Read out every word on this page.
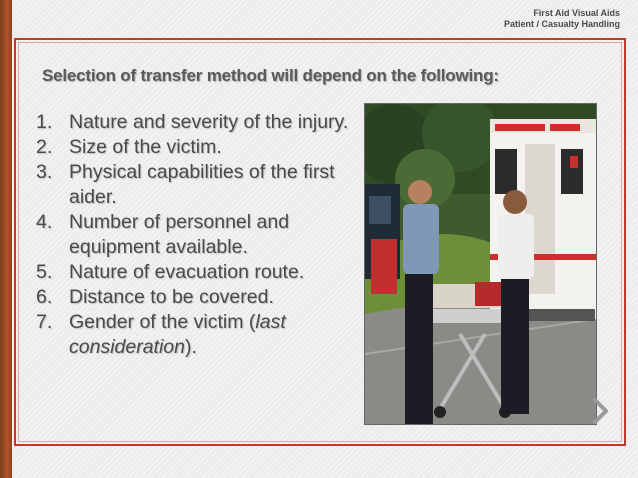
First Aid Visual Aids
Patient / Casualty Handling
Selection of transfer method will depend on the following:
1. Nature and severity of the injury.
2. Size of the victim.
3. Physical capabilities of the first aider.
4. Number of personnel and equipment available.
5. Nature of evacuation route.
6. Distance to be covered.
7. Gender of the victim (last consideration).
